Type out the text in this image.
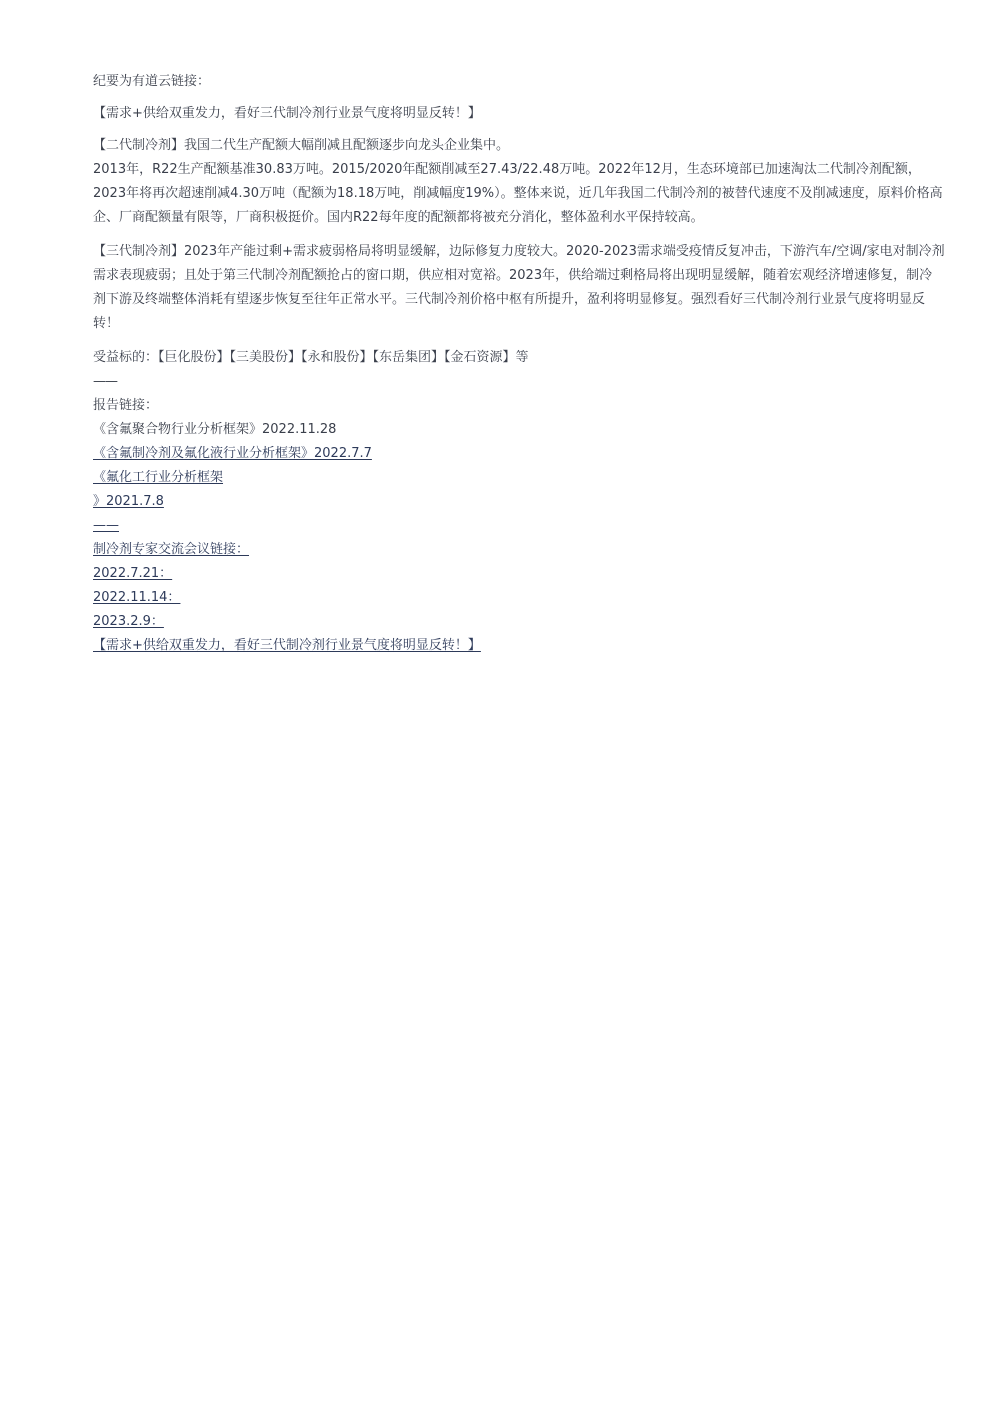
纪要为有道云链接：

【需求+供给双重发力，看好三代制冷剂行业景气度将明显反转！】

【二代制冷剂】我国二代生产配额大幅削减且配额逐步向龙头企业集中。

2013年，R22生产配额基准30.83万吨。2015/2020年配额削减至27.43/22.48万吨。2022年12月，生态环境部已加速淘汰二代制冷剂配额，2023年将再次超速削减4.30万吨（配额为18.18万吨，削减幅度19%）。整体来说，近几年我国二代制冷剂的被替代速度不及削减速度，原料价格高企、厂商配额量有限等，厂商积极挺价。国内R22每年度的配额都将被充分消化，整体盈利水平保持较高。

【三代制冷剂】2023年产能过剩+需求疲弱格局将明显缓解，边际修复力度较大。2020-2023需求端受疫情反复冲击，下游汽车/空调/家电对制冷剂需求表现疲弱；且处于第三代制冷剂配额抢占的窗口期，供应相对宽裕。2023年，供给端过剩格局将出现明显缓解，随着宏观经济增速修复，制冷剂下游及终端整体消耗有望逐步恢复至往年正常水平。三代制冷剂价格中枢有所提升，盈利将明显修复。强烈看好三代制冷剂行业景气度将明显反转！

受益标的：【巨化股份】【三美股份】【永和股份】【东岳集团】【金石资源】等

——
报告链接：
《含氟聚合物行业分析框架》2022.11.28
《含氟制冷剂及氟化液行业分析框架》2022.7.7
《氟化工行业分析框架
》2021.7.8
——
制冷剂专家交流会议链接：
2022.7.21：
2022.11.14：
2023.2.9：
【需求+供给双重发力，看好三代制冷剂行业景气度将明显反转！】
